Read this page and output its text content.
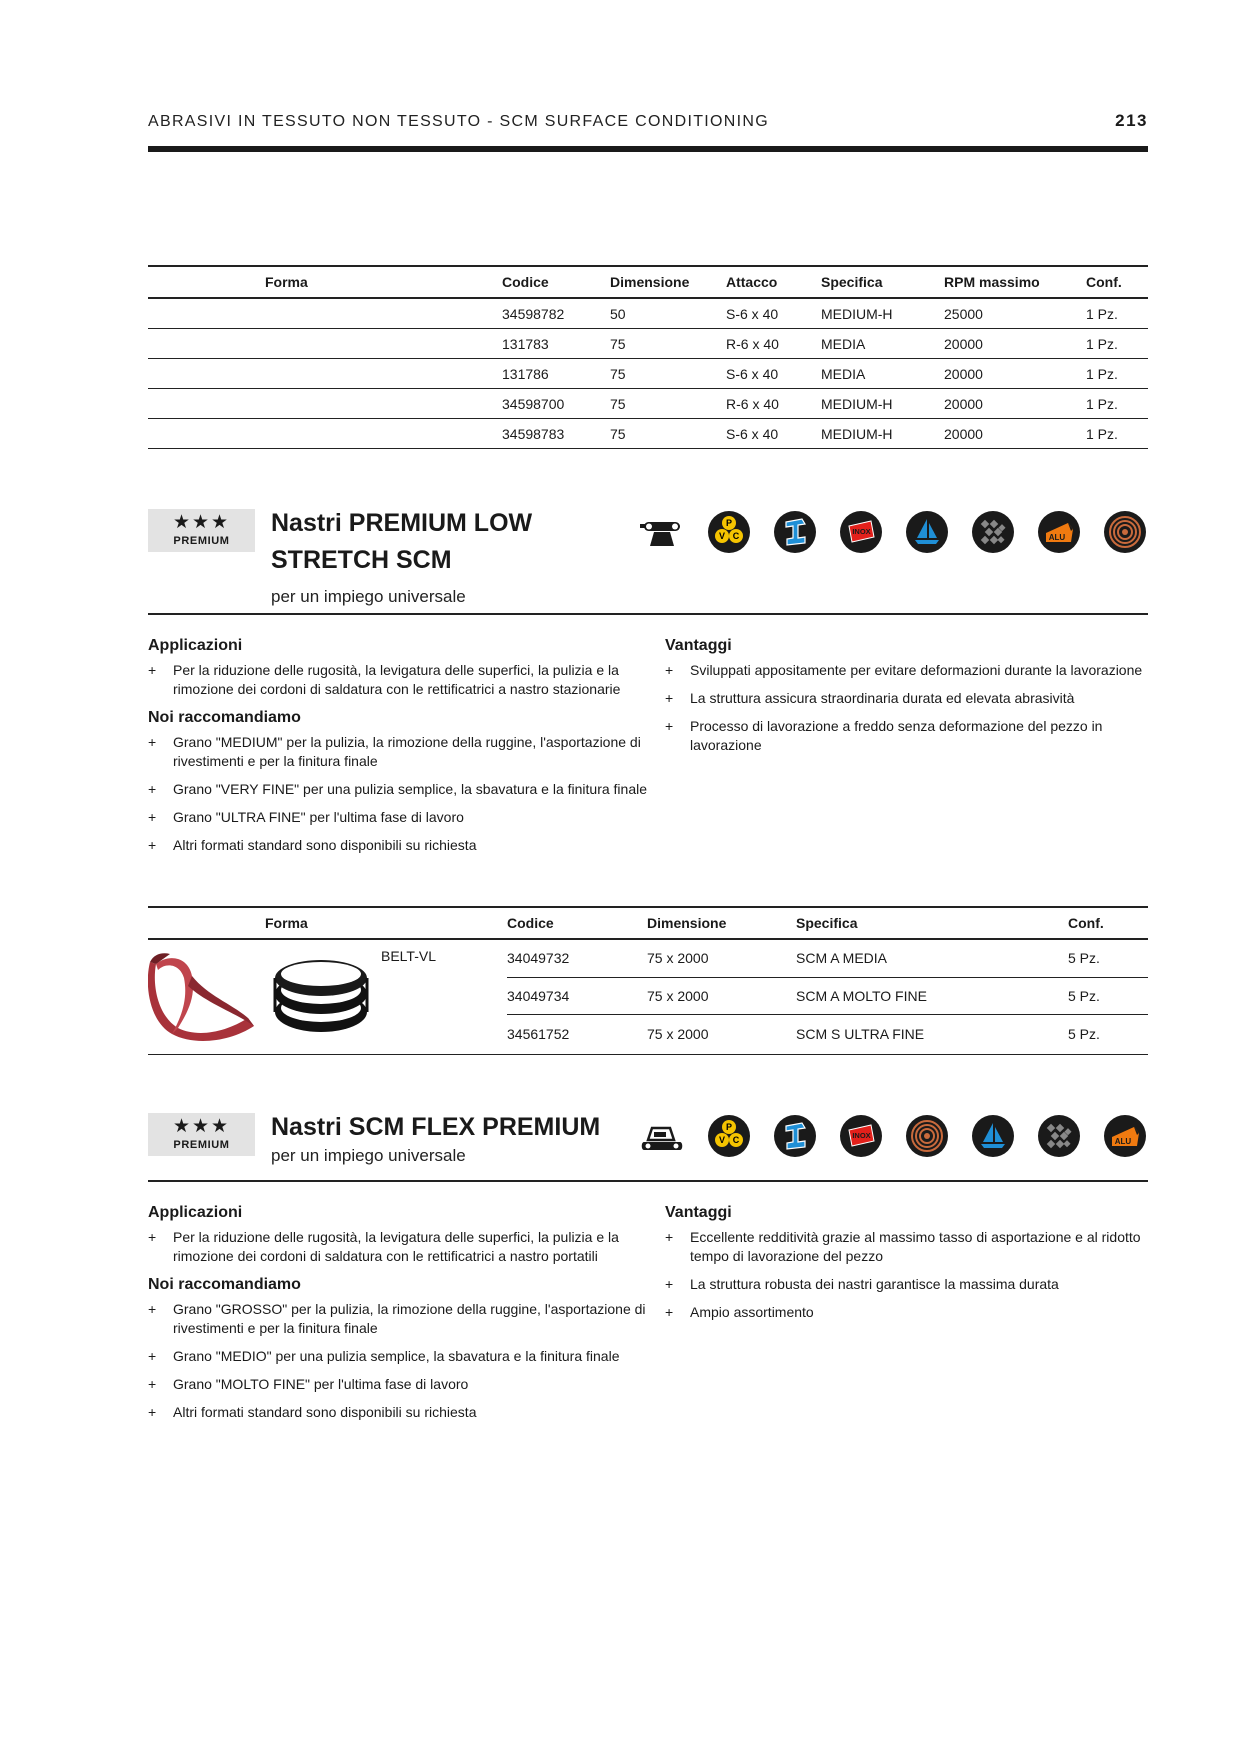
ABRASIVI IN TESSUTO NON TESSUTO - SCM SURFACE CONDITIONING	213
Forma	Codice	Dimensione	Attacco	Specifica	RPM massimo	Conf.
	34598782	50	S-6 x 40	MEDIUM-H	25000	1 Pz.
	131783	75	R-6 x 40	MEDIA	20000	1 Pz.
	131786	75	S-6 x 40	MEDIA	20000	1 Pz.
	34598700	75	R-6 x 40	MEDIUM-H	20000	1 Pz.
	34598783	75	S-6 x 40	MEDIUM-H	20000	1 Pz.
★★★
PREMIUM
Nastri PREMIUM LOW
STRETCH SCM
per un impiego universale
P
V C	INOX
ALU
Applicazioni
+ Per la riduzione delle rugosità, la levigatura delle superfici, la pulizia e la rimozione dei cordoni di saldatura con le rettificatrici a nastro stazionarie
Noi raccomandiamo
+ Grano "MEDIUM" per la pulizia, la rimozione della ruggine, l'asportazione di rivestimenti e per la finitura finale
+ Grano "VERY FINE" per una pulizia semplice, la sbavatura e la finitura finale
+ Grano "ULTRA FINE" per l'ultima fase di lavoro
+ Altri formati standard sono disponibili su richiesta
Vantaggi
+ Sviluppati appositamente per evitare deformazioni durante la lavorazione
+ La struttura assicura straordinaria durata ed elevata abrasività
+ Processo di lavorazione a freddo senza deformazione del pezzo in lavorazione
Forma	Codice	Dimensione	Specifica	Conf.

BELT-VL	34049732	75 x 2000	SCM A MEDIA	5 Pz.
	34049734	75 x 2000	SCM A MOLTO FINE	5 Pz.
	34561752	75 x 2000	SCM S ULTRA FINE	5 Pz.
★★★
PREMIUM
Nastri SCM FLEX PREMIUM
per un impiego universale
P
V C	INOX
ALU
Applicazioni
+ Per la riduzione delle rugosità, la levigatura delle superfici, la pulizia e la rimozione dei cordoni di saldatura con le rettificatrici a nastro portatili
Noi raccomandiamo
+ Grano "GROSSO" per la pulizia, la rimozione della ruggine, l'asportazione di rivestimenti e per la finitura finale
+ Grano "MEDIO" per una pulizia semplice, la sbavatura e la finitura finale
+ Grano "MOLTO FINE" per l'ultima fase di lavoro
+ Altri formati standard sono disponibili su richiesta
Vantaggi
+ Eccellente redditività grazie al massimo tasso di asportazione e al ridotto tempo di lavorazione del pezzo
+ La struttura robusta dei nastri garantisce la massima durata
+ Ampio assortimento
